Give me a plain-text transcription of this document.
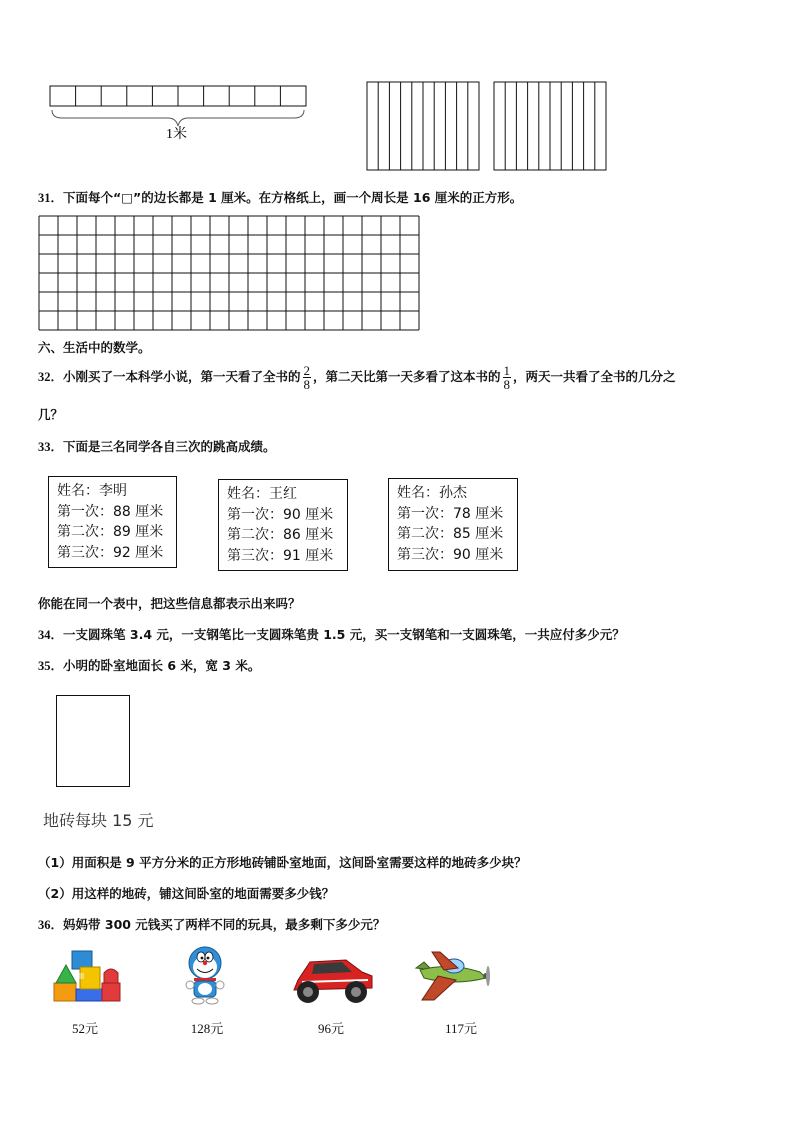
1米
31．下面每个“□”的边长都是 1 厘米。在方格纸上，画一个周长是 16 厘米的正方形。
六、生活中的数学。
32．小刚买了一本科学小说，第一天看了全书的 $\frac{2}{8}$ ，第二天比第一天多看了这本书的 $\frac{1}{8}$ ，两天一共看了全书的几分之
几？
33．下面是三名同学各自三次的跳高成绩。
姓名：李明
第一次：88 厘米
第二次：89 厘米
第三次：92 厘米
姓名：王红
第一次：90 厘米
第二次：86 厘米
第三次：91 厘米
姓名：孙杰
第一次：78 厘米
第二次：85 厘米
第三次：90 厘米
你能在同一个表中，把这些信息都表示出来吗？
34．一支圆珠笔 3.4 元，一支钢笔比一支圆珠笔贵 1.5 元，买一支钢笔和一支圆珠笔，一共应付多少元？
35．小明的卧室地面长 6 米，宽 3 米。
地砖每块 15 元
（1）用面积是 9 平方分米的正方形地砖铺卧室地面，这间卧室需要这样的地砖多少块？
（2）用这样的地砖，铺这间卧室的地面需要多少钱？
36．妈妈带 300 元钱买了两样不同的玩具，最多剩下多少元？
52元	128元	96元	117元
